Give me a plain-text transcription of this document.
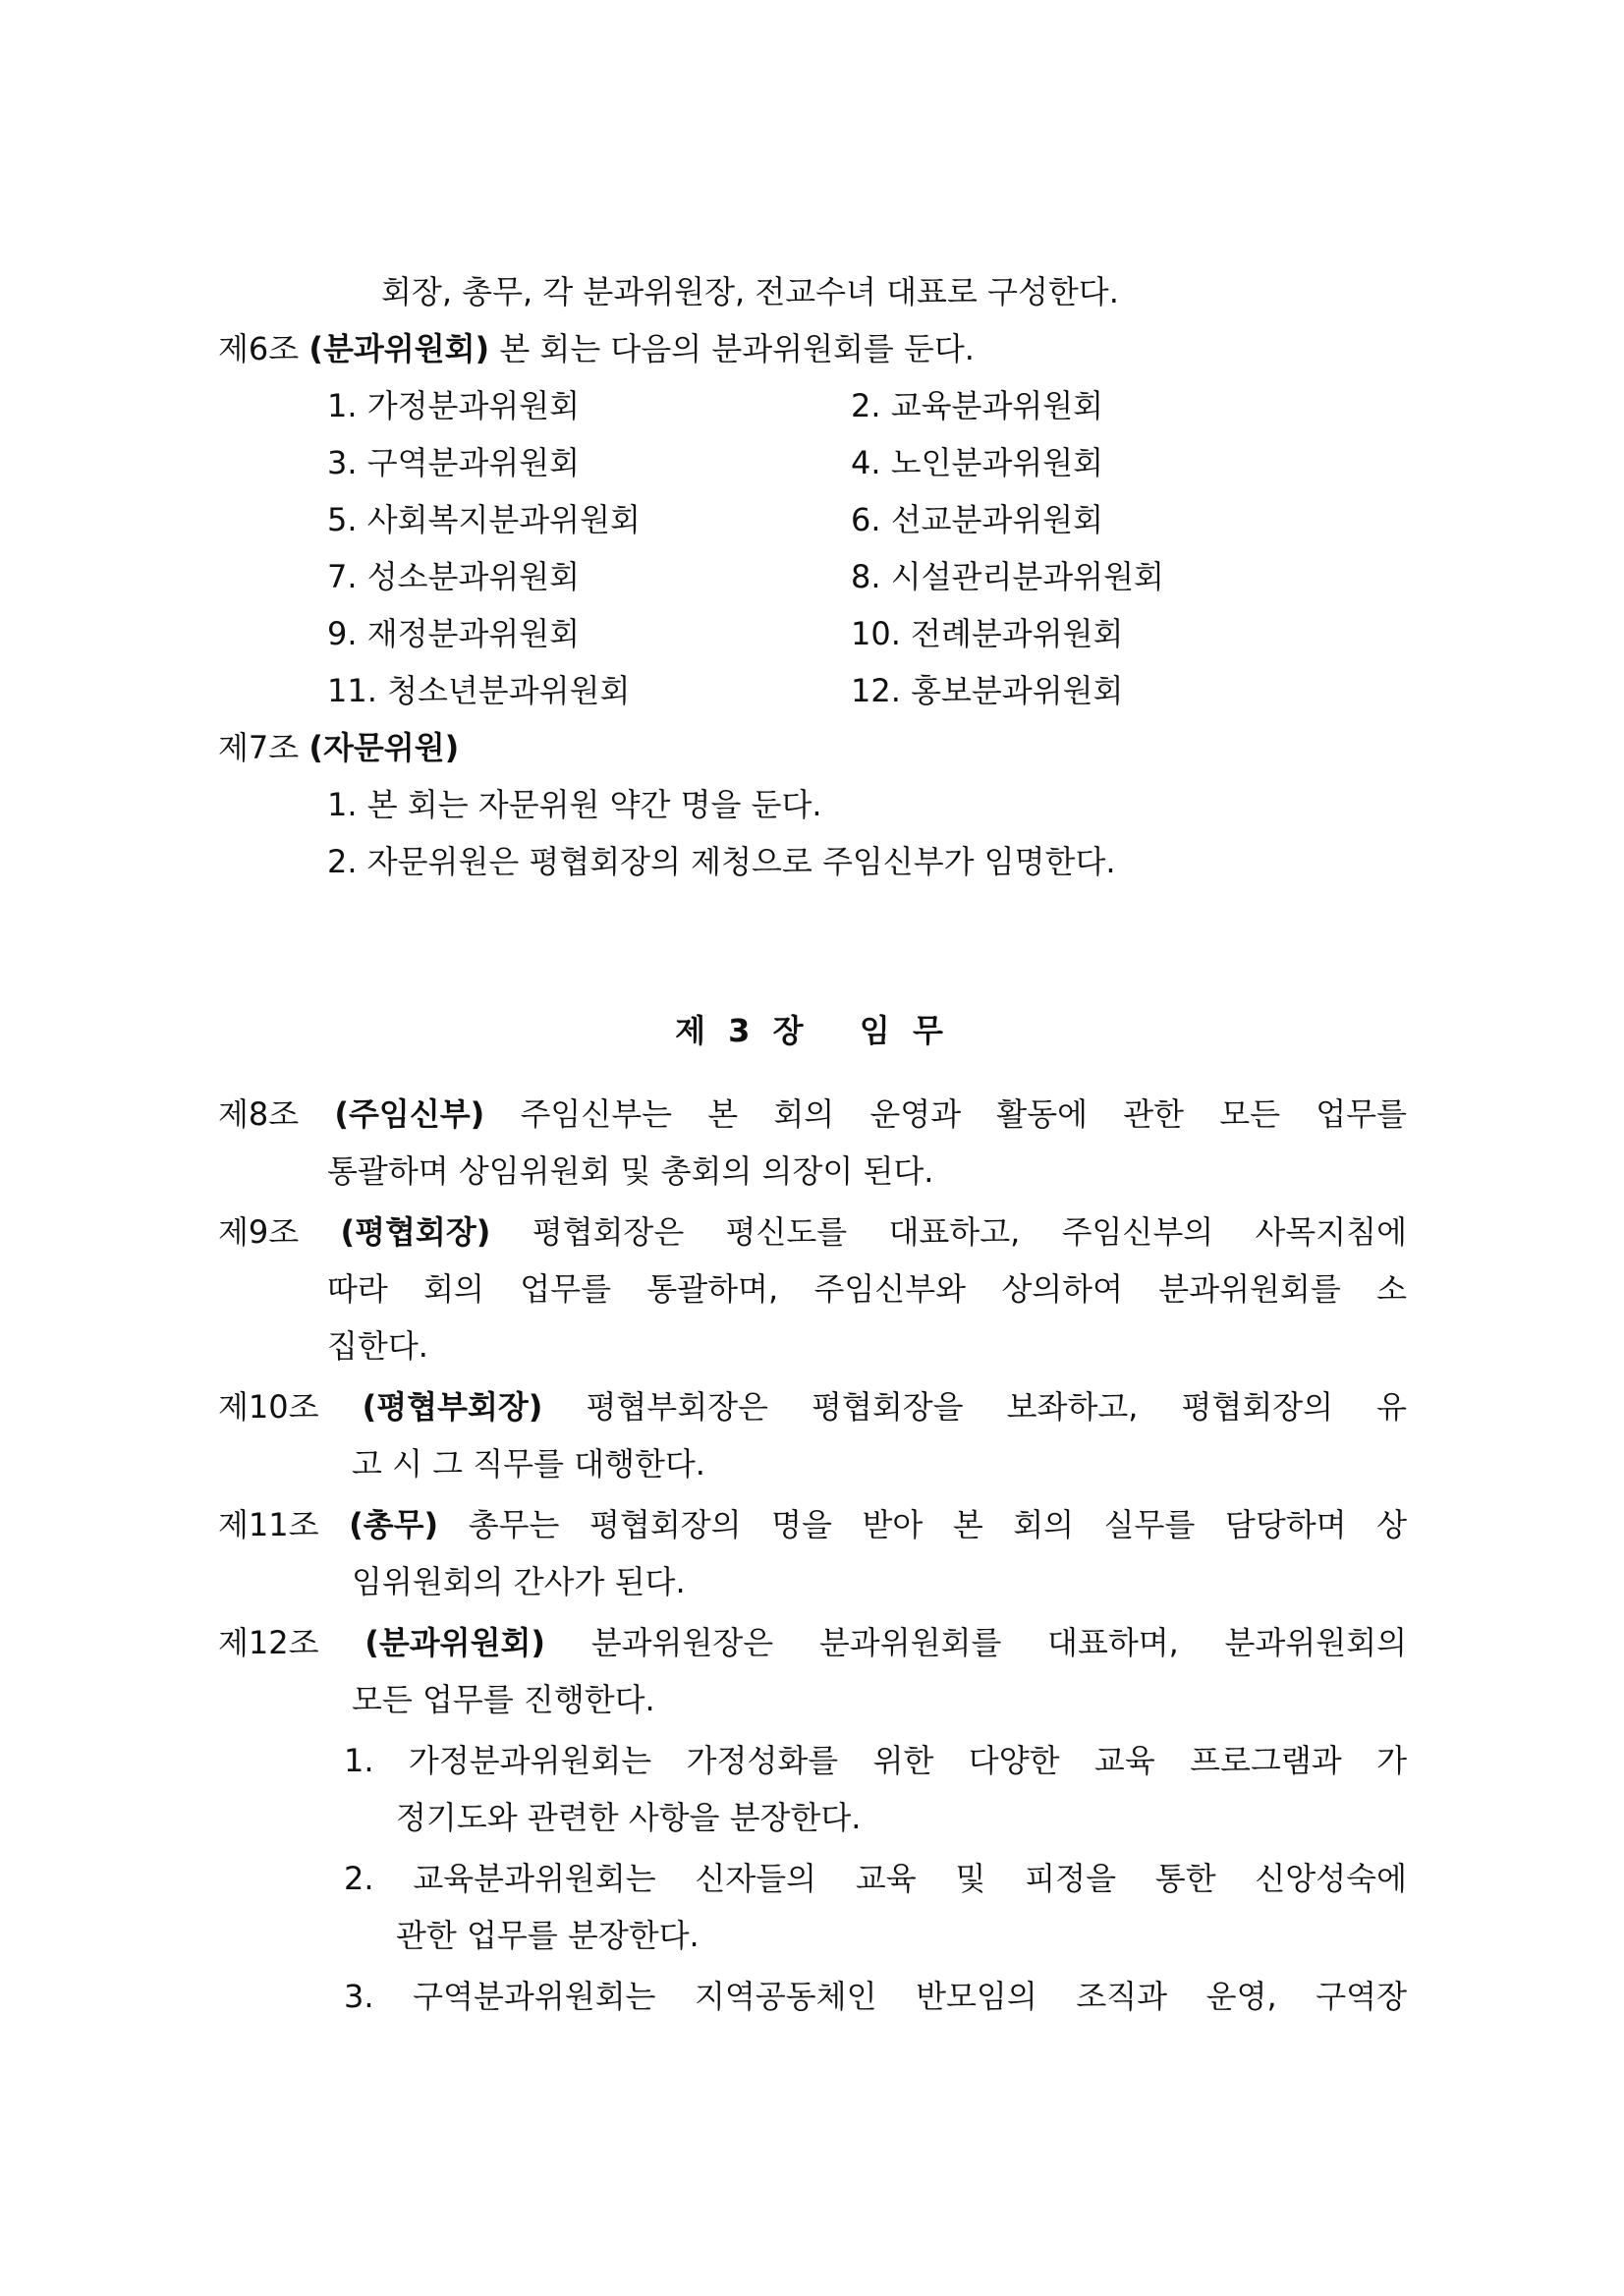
회장, 총무, 각 분과위원장, 전교수녀 대표로 구성한다.
제6조 (분과위원회) 본 회는 다음의 분과위원회를 둔다.
1. 가정분과위원회	2. 교육분과위원회
3. 구역분과위원회	4. 노인분과위원회
5. 사회복지분과위원회	6. 선교분과위원회
7. 성소분과위원회	8. 시설관리분과위원회
9. 재정분과위원회	10. 전례분과위원회
11. 청소년분과위원회	12. 홍보분과위원회
제7조 (자문위원)
1. 본 회는 자문위원 약간 명을 둔다.
2. 자문위원은 평협회장의 제청으로 주임신부가 임명한다.
제 3 장   임 무
제8조 (주임신부) 주임신부는 본 회의 운영과 활동에 관한 모든 업무를
통괄하며 상임위원회 및 총회의 의장이 된다.
제9조 (평협회장) 평협회장은 평신도를 대표하고, 주임신부의 사목지침에
따라 회의 업무를 통괄하며, 주임신부와 상의하여 분과위원회를 소
집한다.
제10조 (평협부회장) 평협부회장은 평협회장을 보좌하고, 평협회장의 유
고 시 그 직무를 대행한다.
제11조 (총무) 총무는 평협회장의 명을 받아 본 회의 실무를 담당하며 상
임위원회의 간사가 된다.
제12조 (분과위원회) 분과위원장은 분과위원회를 대표하며, 분과위원회의
모든 업무를 진행한다.
1. 가정분과위원회는 가정성화를 위한 다양한 교육 프로그램과 가
정기도와 관련한 사항을 분장한다.
2. 교육분과위원회는 신자들의 교육 및 피정을 통한 신앙성숙에
관한 업무를 분장한다.
3. 구역분과위원회는 지역공동체인 반모임의 조직과 운영, 구역장
